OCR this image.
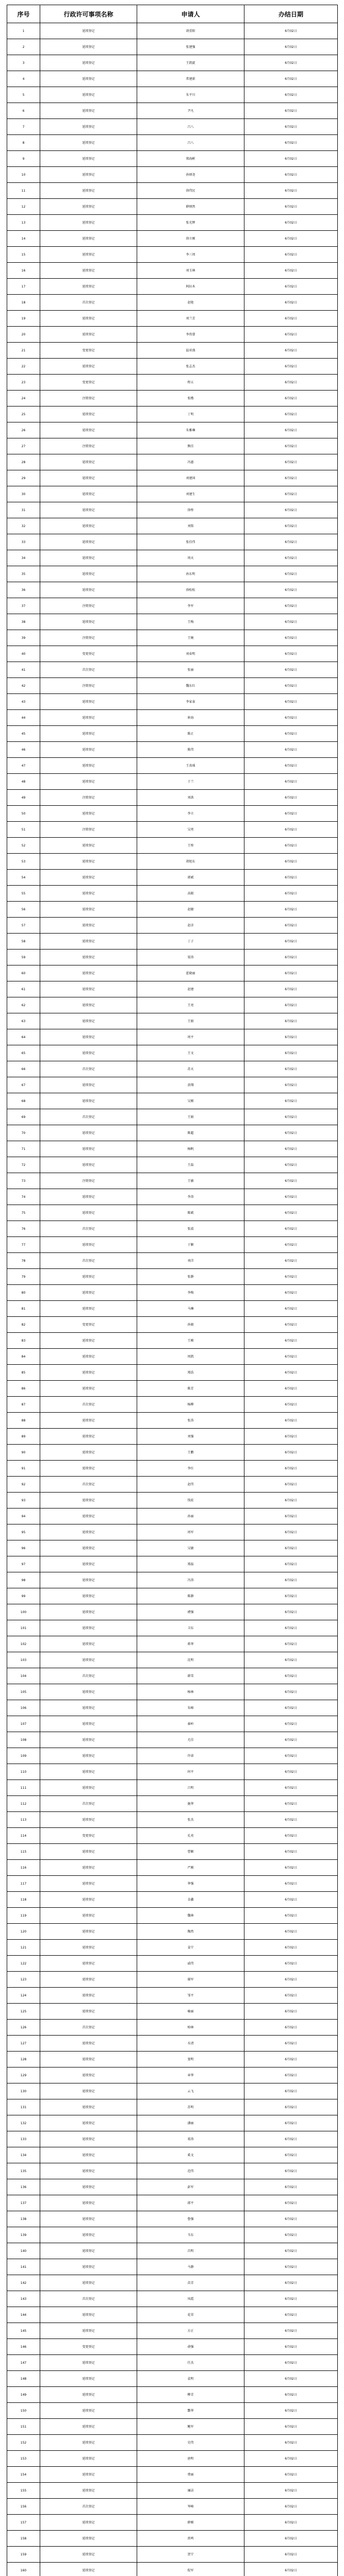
序号	行政许可事项名称	申请人	办结日期
1	延续登记	胡重阳	6月02日
2	延续登记	张建强	6月02日
3	延续登记	王凯旋	6月02日
4	延续登记	常建新	6月02日
5	延续登记	朱平川	6月02日
6	延续登记	尹凡	6月02日
7	延续登记	吕八	6月02日
8	延续登记	吕八	6月02日
9	延续登记	郑海彬	6月02日
10	延续登记	孙炳尧	6月02日
11	延续登记	徐伟民	6月02日
12	延续登记	薛炳然	6月02日
13	延续登记	张光辉	6月02日
14	延续登记	徐立刚	6月02日
15	延续登记	李三周	6月02日
16	延续登记	刘玉林	6月02日
17	延续登记	阿拉木	6月02日
18	首次登记	赵艳	6月02日
19	延续登记	刘兰芳	6月02日
20	延续登记	李孜蓉	6月02日
21	变更登记	温亚盛	6月02日
22	延续登记	张志杰	6月02日
23	变更登记	程五	6月02日
24	注销登记	张楷	6月02日
25	延续登记	丁明	6月02日
26	延续登记	朱雅琳	6月02日
27	注销登记	熊佳	6月02日
28	延续登记	冯惠	6月02日
29	延续登记	刘建国	6月02日
30	延续登记	刘建生	6月02日
31	延续登记	徐彤	6月02日
32	延续登记	刘铭	6月02日
33	延续登记	张佳伟	6月02日
34	延续登记	周天	6月02日
35	延续登记	孙东明	6月02日
36	延续登记	徐松松	6月02日
37	注销登记	李军	6月02日
38	延续登记	王梅	6月02日
39	注销登记	王婉	6月02日
40	变更登记	刘春明	6月02日
41	首次登记	张丽	6月02日
42	注销登记	魏东红	6月02日
43	延续登记	李家泰	6月02日
44	延续登记	崔海	6月02日
45	延续登记	陈正	6月02日
46	延续登记	陈伟	6月02日
47	延续登记	王真瑶	6月02日
48	延续登记	于兰	6月02日
49	注销登记	刘洪	6月02日
50	延续登记	李立	6月02日
51	注销登记	吴勇	6月02日
52	延续登记	王彤	6月02日
53	延续登记	胡旭东	6月02日
54	延续登记	郭斌	6月02日
55	延续登记	高振	6月02日
56	延续登记	赵健	6月02日
57	延续登记	赵彦	6月02日
58	延续登记	丁子	6月02日
59	延续登记	梁涛	6月02日
60	延续登记	霍晓丽	6月02日
61	延续登记	赵建	6月02日
62	延续登记	王亮	6月02日
63	延续登记	王娟	6月02日
64	延续登记	周平	6月02日
65	延续登记	王文	6月02日
66	首次登记	苏天	6月02日
67	延续登记	黄翔	6月02日
68	延续登记	吴刚	6月02日
69	首次登记	王娟	6月02日
70	延续登记	陈超	6月02日
71	延续登记	杨帆	6月02日
72	延续登记	王磊	6月02日
73	注销登记	王敏	6月02日
74	延续登记	李涛	6月02日
75	延续登记	陈斌	6月02日
76	首次登记	张波	6月02日
77	延续登记	于颖	6月02日
78	首次登记	刘洋	6月02日
79	延续登记	张静	6月02日
80	延续登记	李梅	6月02日
81	延续登记	马琳	6月02日
82	变更登记	孙晓	6月02日
83	延续登记	王刚	6月02日
84	延续登记	周凯	6月02日
85	延续登记	郑浩	6月02日
86	延续登记	陈芳	6月02日
87	首次登记	杨柳	6月02日
88	延续登记	张涛	6月02日
89	延续登记	刘强	6月02日
90	延续登记	王鹏	6月02日
91	延续登记	李红	6月02日
92	首次登记	赵伟	6月02日
93	延续登记	钱宏	6月02日
94	延续登记	孙丽	6月02日
95	延续登记	周军	6月02日
96	延续登记	吴敏	6月02日
97	延续登记	郑磊	6月02日
98	延续登记	冯涛	6月02日
99	延续登记	陈静	6月02日
100	延续登记	褚强	6月02日
101	延续登记	卫东	6月02日
102	延续登记	蒋华	6月02日
103	延续登记	沈明	6月02日
104	首次登记	韩雪	6月02日
105	延续登记	杨林	6月02日
106	延续登记	朱峰	6月02日
107	延续登记	秦岭	6月02日
108	延续登记	尤佳	6月02日
109	延续登记	许诺	6月02日
110	延续登记	何平	6月02日
111	延续登记	吕明	6月02日
112	首次登记	施华	6月02日
113	延续登记	张杰	6月02日
114	变更登记	孔亮	6月02日
115	延续登记	曹颖	6月02日
116	延续登记	严刚	6月02日
117	延续登记	华强	6月02日
118	延续登记	金鑫	6月02日
119	延续登记	魏林	6月02日
120	延续登记	陶然	6月02日
121	延续登记	姜宁	6月02日
122	延续登记	戚伟	6月02日
123	延续登记	谢军	6月02日
124	延续登记	邹平	6月02日
125	延续登记	喻丽	6月02日
126	首次登记	柏林	6月02日
127	延续登记	水清	6月02日
128	延续登记	窦明	6月02日
129	延续登记	章华	6月02日
130	延续登记	云飞	6月02日
131	延续登记	苏明	6月02日
132	延续登记	潘丽	6月02日
133	延续登记	葛涛	6月02日
134	延续登记	奚文	6月02日
135	延续登记	范伟	6月02日
136	延续登记	彭军	6月02日
137	延续登记	郎平	6月02日
138	延续登记	鲁强	6月02日
139	延续登记	韦东	6月02日
140	延续登记	昌明	6月02日
141	延续登记	马静	6月02日
142	延续登记	苗青	6月02日
143	首次登记	凤霞	6月02日
144	延续登记	花荣	6月02日
145	延续登记	方正	6月02日
146	变更登记	俞强	6月02日
147	延续登记	任杰	6月02日
148	延续登记	袁明	6月02日
149	延续登记	柳青	6月02日
150	延续登记	酆华	6月02日
151	延续登记	鲍军	6月02日
152	延续登记	史伟	6月02日
153	延续登记	唐明	6月02日
154	延续登记	费丽	6月02日
155	延续登记	廉洁	6月02日
156	首次登记	岑峰	6月02日
157	延续登记	薛刚	6月02日
158	延续登记	雷鸣	6月02日
159	延续登记	贺宁	6月02日
160	延续登记	倪军	6月02日
